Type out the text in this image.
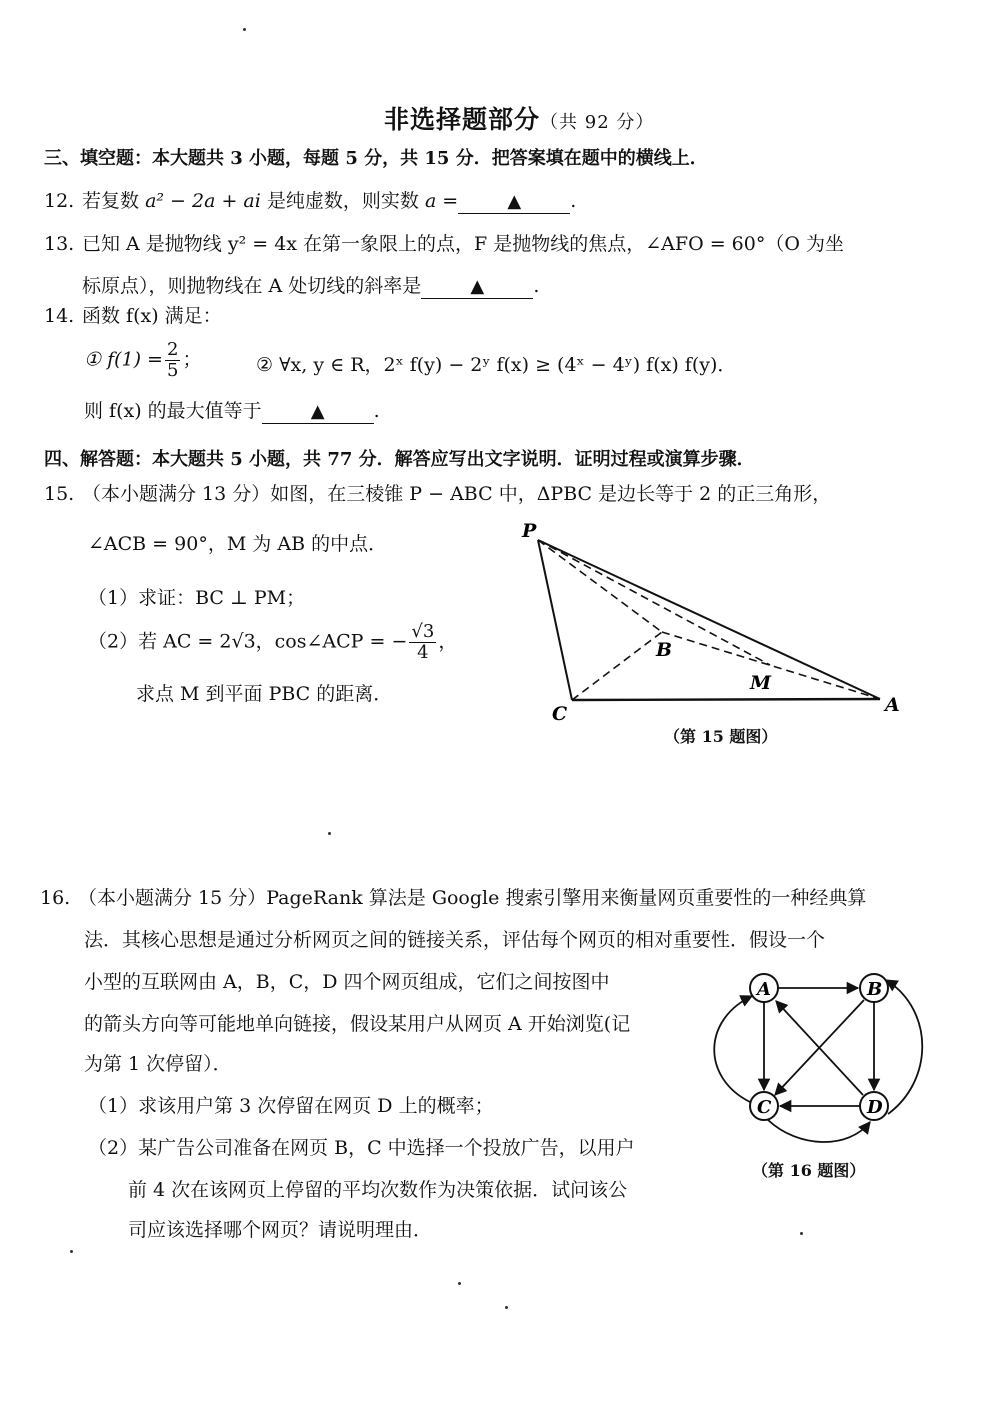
非选择题部分（共 92 分）
三、填空题：本大题共 3 小题，每题 5 分，共 15 分．把答案填在题中的横线上．
12. 若复数 a² − 2a + ai 是纯虚数，则实数 a =	▲	.
13. 已知 A 是抛物线 y² = 4x 在第一象限上的点，F 是抛物线的焦点，∠AFO = 60°（O 为坐
标原点），则抛物线在 A 处切线的斜率是	▲	.
14. 函数 f(x) 满足：
① $f(1) = \frac{2}{5}$ ；	② ∀x, y ∈ R，2ˣ f(y) − 2ʸ f(x) ≥ (4ˣ − 4ʸ) f(x) f(y)．
则 f(x) 的最大值等于	▲	.
四、解答题：本大题共 5 小题，共 77 分．解答应写出文字说明．证明过程或演算步骤．
15. （本小题满分 13 分）如图，在三棱锥 P − ABC 中，ΔPBC 是边长等于 2 的正三角形，
∠ACB = 90°，M 为 AB 的中点．
（1）求证：BC ⊥ PM；
（2）若 AC = 2√3，cos∠ACP = − $\frac{√3}{4}$ ，
求点 M 到平面 PBC 的距离．
P
B
M
C	A
（第 15 题图）
16. （本小题满分 15 分）PageRank 算法是 Google 搜索引擎用来衡量网页重要性的一种经典算
法．其核心思想是通过分析网页之间的链接关系，评估每个网页的相对重要性．假设一个
小型的互联网由 A，B，C，D 四个网页组成，它们之间按图中
的箭头方向等可能地单向链接，假设某用户从网页 A 开始浏览(记
为第 1 次停留）．
（1）求该用户第 3 次停留在网页 D 上的概率；
（2）某广告公司准备在网页 B，C 中选择一个投放广告，以用户
前 4 次在该网页上停留的平均次数作为决策依据．试问该公
司应该选择哪个网页？请说明理由．
A	B
C	D
（第 16 题图）
